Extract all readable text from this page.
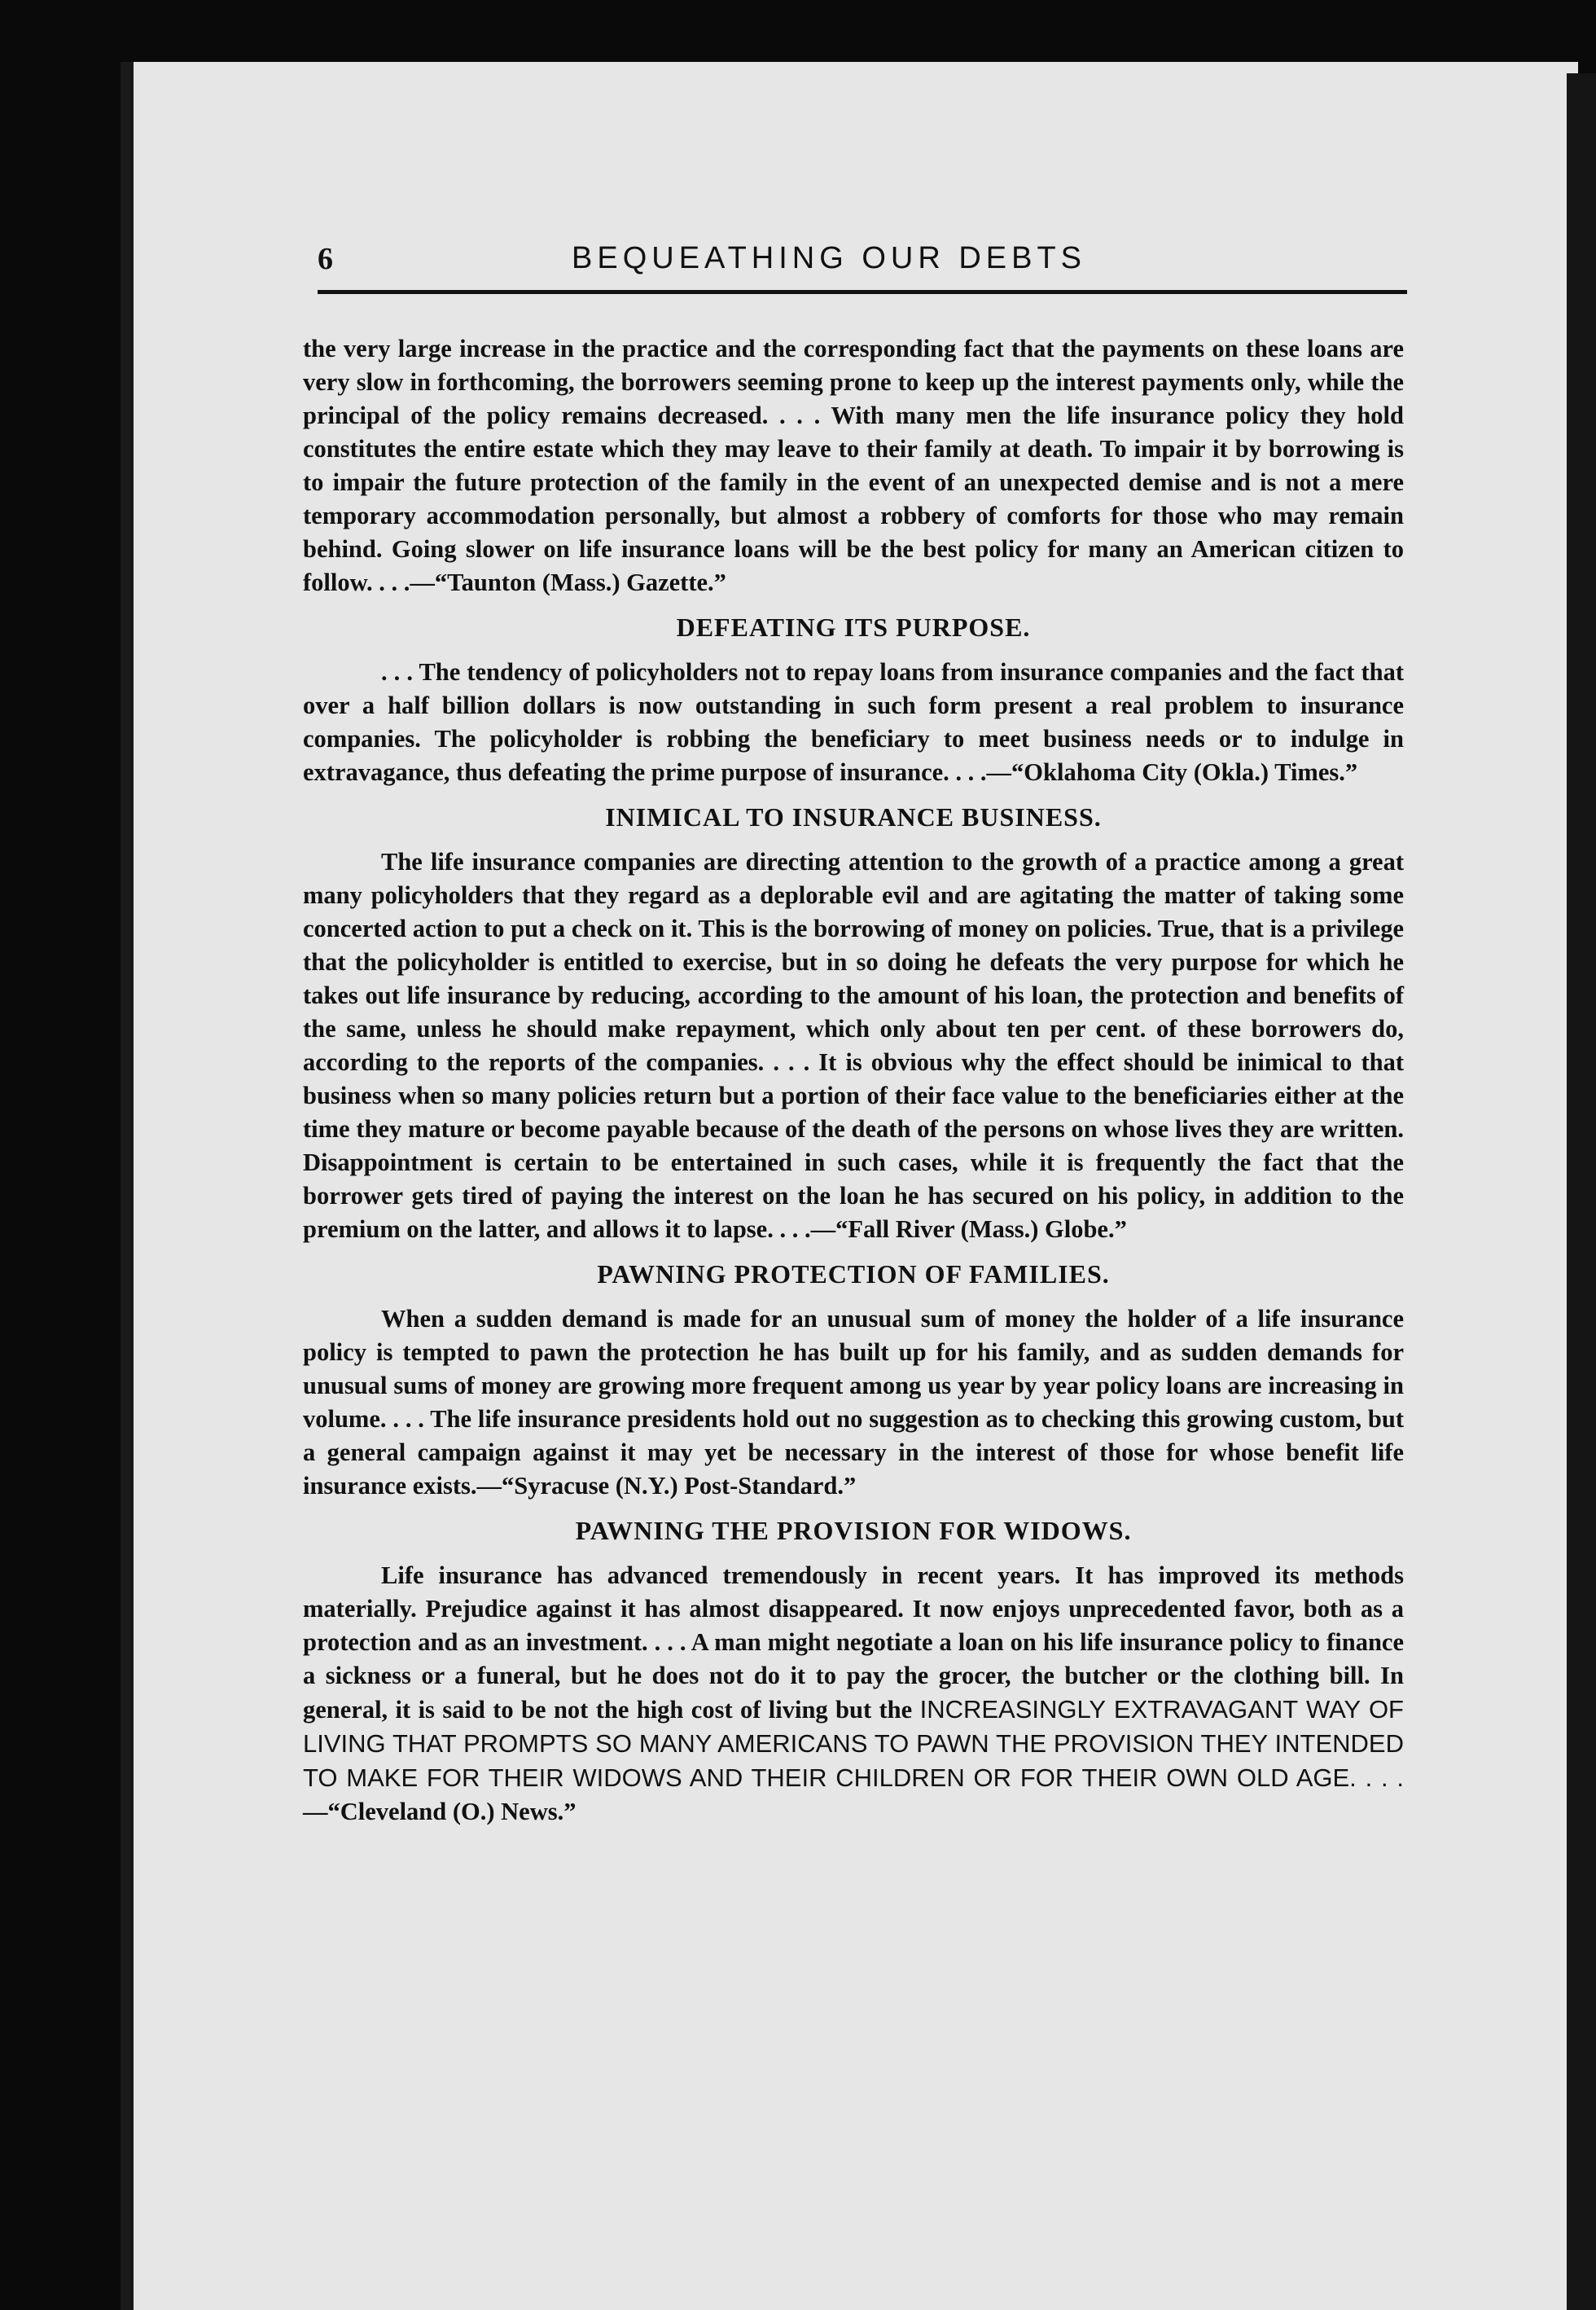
6	BEQUEATHING OUR DEBTS

the very large increase in the practice and the corresponding fact that the payments on these loans are very slow in forthcoming, the borrowers seeming prone to keep up the interest payments only, while the principal of the policy remains decreased. . . . With many men the life insurance policy they hold constitutes the entire estate which they may leave to their family at death. To impair it by borrowing is to impair the future protection of the family in the event of an unexpected demise and is not a mere temporary accommodation personally, but almost a robbery of comforts for those who may remain behind. Going slower on life insurance loans will be the best policy for many an American citizen to follow. . . .—“Taunton (Mass.) Gazette.”

DEFEATING ITS PURPOSE.

. . . The tendency of policyholders not to repay loans from insurance companies and the fact that over a half billion dollars is now outstanding in such form present a real problem to insurance companies. The policyholder is robbing the beneficiary to meet business needs or to indulge in extravagance, thus defeating the prime purpose of insurance. . . .—“Oklahoma City (Okla.) Times.”

INIMICAL TO INSURANCE BUSINESS.

The life insurance companies are directing attention to the growth of a practice among a great many policyholders that they regard as a deplorable evil and are agitating the matter of taking some concerted action to put a check on it. This is the borrowing of money on policies. True, that is a privilege that the policyholder is entitled to exercise, but in so doing he defeats the very purpose for which he takes out life insurance by reducing, according to the amount of his loan, the protection and benefits of the same, unless he should make repayment, which only about ten per cent. of these borrowers do, according to the reports of the companies. . . . It is obvious why the effect should be inimical to that business when so many policies return but a portion of their face value to the beneficiaries either at the time they mature or become payable because of the death of the persons on whose lives they are written. Disappointment is certain to be entertained in such cases, while it is frequently the fact that the borrower gets tired of paying the interest on the loan he has secured on his policy, in addition to the premium on the latter, and allows it to lapse. . . .—“Fall River (Mass.) Globe.”

PAWNING PROTECTION OF FAMILIES.

When a sudden demand is made for an unusual sum of money the holder of a life insurance policy is tempted to pawn the protection he has built up for his family, and as sudden demands for unusual sums of money are growing more frequent among us year by year policy loans are increasing in volume. . . . The life insurance presidents hold out no suggestion as to checking this growing custom, but a general campaign against it may yet be necessary in the interest of those for whose benefit life insurance exists.—“Syracuse (N.Y.) Post-Standard.”

PAWNING THE PROVISION FOR WIDOWS.

Life insurance has advanced tremendously in recent years. It has improved its methods materially. Prejudice against it has almost disappeared. It now enjoys unprecedented favor, both as a protection and as an investment. . . . A man might negotiate a loan on his life insurance policy to finance a sickness or a funeral, but he does not do it to pay the grocer, the butcher or the clothing bill. In general, it is said to be not the high cost of living but the INCREASINGLY EXTRAVAGANT WAY OF LIVING THAT PROMPTS SO MANY AMERICANS TO PAWN THE PROVISION THEY INTENDED TO MAKE FOR THEIR WIDOWS AND THEIR CHILDREN OR FOR THEIR OWN OLD AGE. . . .—“Cleveland (O.) News.”
